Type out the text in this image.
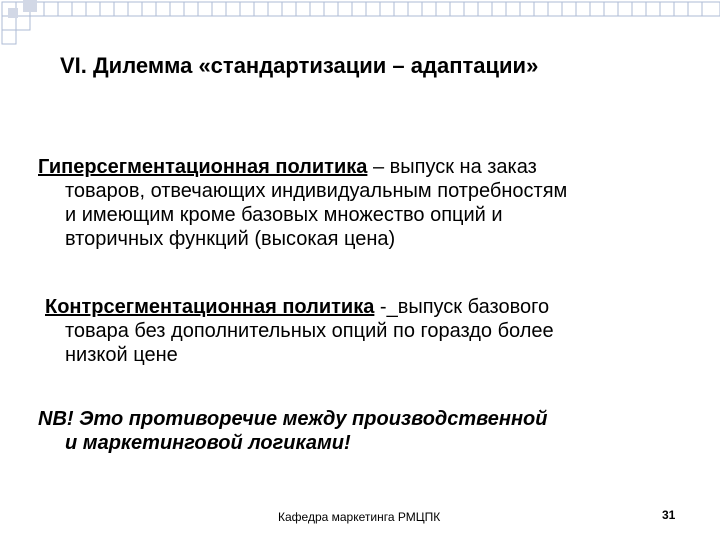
VI. Дилемма «стандартизации – адаптации»
Гиперсегментационная политика – выпуск на заказ
товаров, отвечающих индивидуальным потребностям
и имеющим кроме базовых множество опций и
вторичных функций (высокая цена)
Контрсегментационная политика -_выпуск базового
товара без дополнительных опций по гораздо более
низкой цене
NB! Это противоречие между производственной
и маркетинговой логиками!
Кафедра маркетинга РМЦПК	31
